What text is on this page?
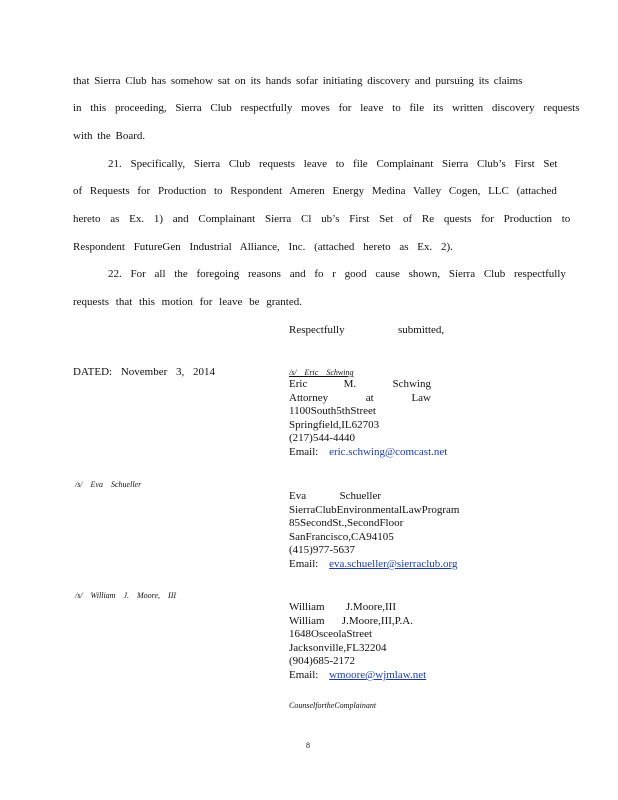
that Sierra Club has somehow sat on its hands sofar initiating discovery and pursuing its claims
in this proceeding, Sierra Club respectfully moves for leave to file its written discovery requests
with the Board.
21. Specifically, Sierra Club requests leave to file Complainant Sierra Club’s First Set
of Requests for Production to Respondent Ameren Energy Medina Valley Cogen, LLC (attached
hereto as Ex. 1) and Complainant Sierra Cl ub’s First Set of Re quests for Production to
Respondent FutureGen Industrial Alliance, Inc. (attached hereto as Ex. 2).
22. For all the foregoing reasons and fo r good cause shown, Sierra Club respectfully
requests that this motion for leave be granted.
Respectfully	submitted,
DATED: November 3, 2014	/s/ Eric Schwing
Eric	M.	Schwing
Attorney	at	Law
1100South5thStreet
Springfield,IL62703
(217)544-4440
Email: eric.schwing@comcast.net
/s/ Eva Schueller
Eva	Schueller
SierraClubEnvironmentalLawProgram
85SecondSt.,SecondFloor
SanFrancisco,CA94105
(415)977-5637
Email: eva.schueller@sierraclub.org
/s/ William J. Moore, III
William J.Moore,III
William J.Moore,III,P.A.
1648OsceolaStreet
Jacksonville,FL32204
(904)685-2172
Email: wmoore@wjmlaw.net
CounselfortheComplainant
8
